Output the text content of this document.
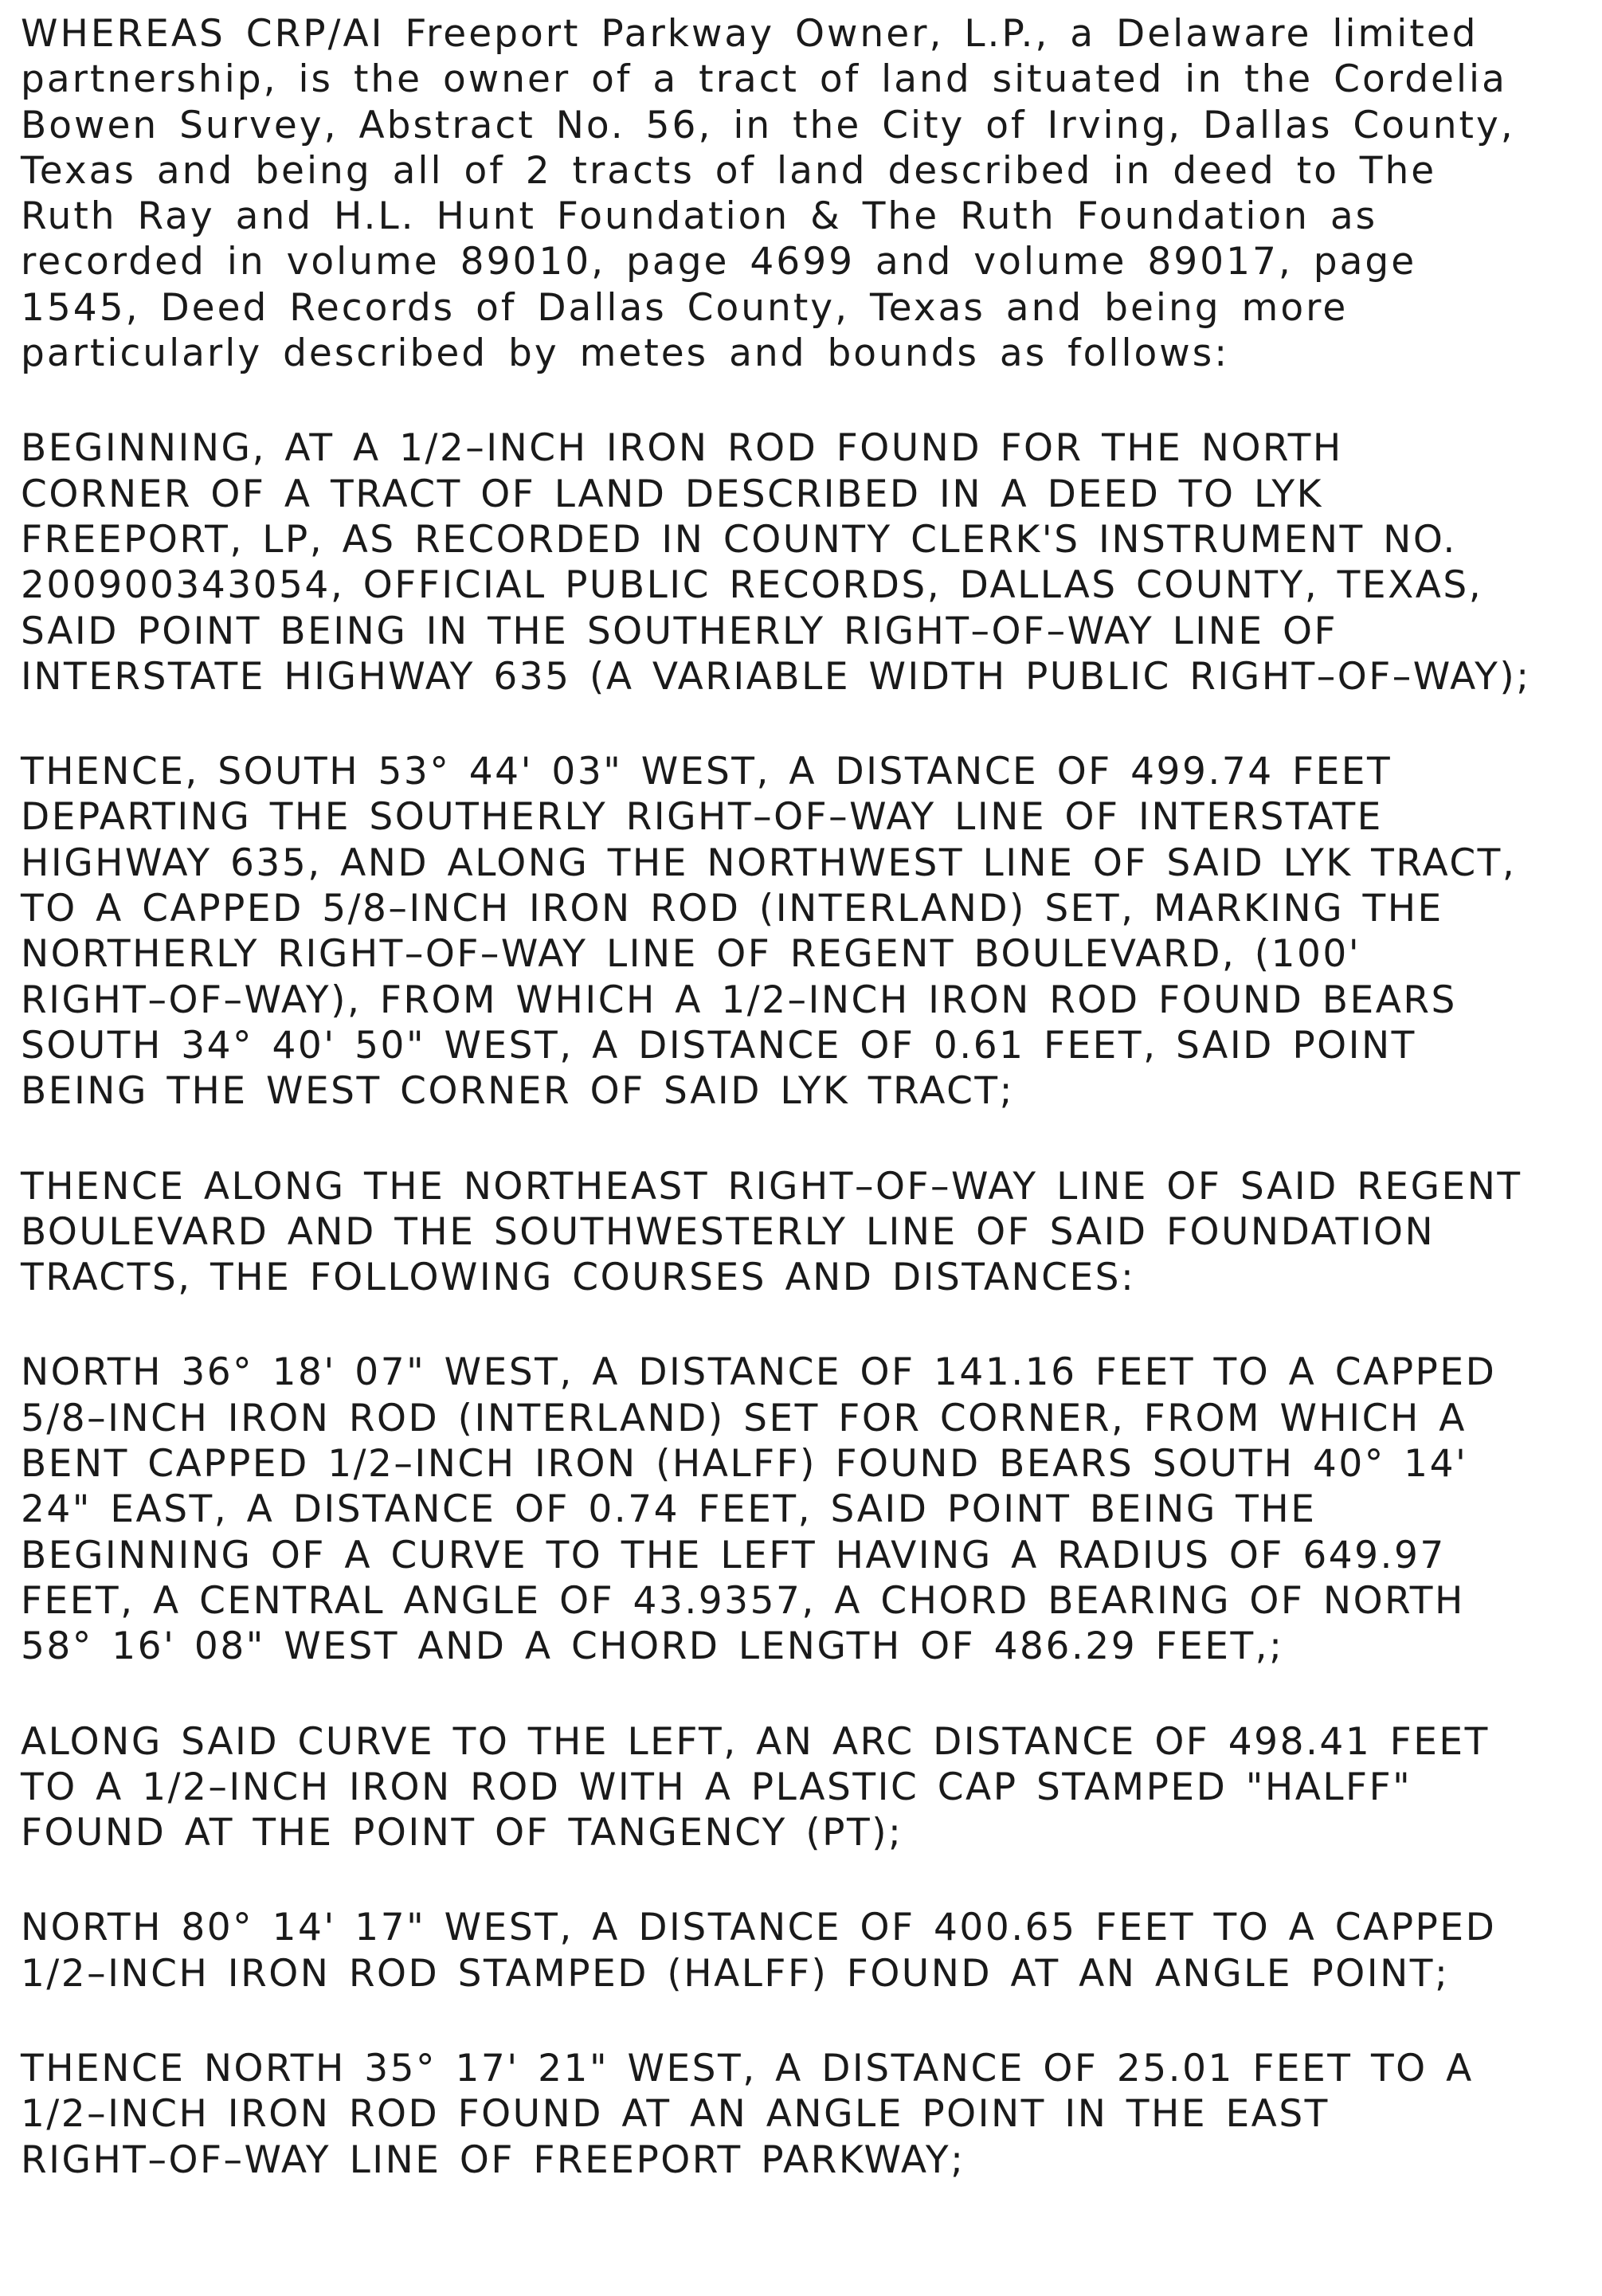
WHEREAS CRP/AI Freeport Parkway Owner, L.P., a Delaware limited
partnership, is the owner of a tract of land situated in the Cordelia
Bowen Survey, Abstract No. 56, in the City of Irving, Dallas County,
Texas and being all of 2 tracts of land described in deed to The
Ruth Ray and H.L. Hunt Foundation & The Ruth Foundation as
recorded in volume 89010, page 4699 and volume 89017, page
1545, Deed Records of Dallas County, Texas and being more
particularly described by metes and bounds as follows:
BEGINNING, AT A 1/2–INCH IRON ROD FOUND FOR THE NORTH
CORNER OF A TRACT OF LAND DESCRIBED IN A DEED TO LYK
FREEPORT, LP, AS RECORDED IN COUNTY CLERK'S INSTRUMENT NO.
200900343054, OFFICIAL PUBLIC RECORDS, DALLAS COUNTY, TEXAS,
SAID POINT BEING IN THE SOUTHERLY RIGHT–OF–WAY LINE OF
INTERSTATE HIGHWAY 635 (A VARIABLE WIDTH PUBLIC RIGHT–OF–WAY);
THENCE, SOUTH 53° 44' 03" WEST, A DISTANCE OF 499.74 FEET
DEPARTING THE SOUTHERLY RIGHT–OF–WAY LINE OF INTERSTATE
HIGHWAY 635, AND ALONG THE NORTHWEST LINE OF SAID LYK TRACT,
TO A CAPPED 5/8–INCH IRON ROD (INTERLAND) SET, MARKING THE
NORTHERLY RIGHT–OF–WAY LINE OF REGENT BOULEVARD, (100'
RIGHT–OF–WAY), FROM WHICH A 1/2–INCH IRON ROD FOUND BEARS
SOUTH 34° 40' 50" WEST, A DISTANCE OF 0.61 FEET, SAID POINT
BEING THE WEST CORNER OF SAID LYK TRACT;
THENCE ALONG THE NORTHEAST RIGHT–OF–WAY LINE OF SAID REGENT
BOULEVARD AND THE SOUTHWESTERLY LINE OF SAID FOUNDATION
TRACTS, THE FOLLOWING COURSES AND DISTANCES:
NORTH 36° 18' 07" WEST, A DISTANCE OF 141.16 FEET TO A CAPPED
5/8–INCH IRON ROD (INTERLAND) SET FOR CORNER, FROM WHICH A
BENT CAPPED 1/2–INCH IRON (HALFF) FOUND BEARS SOUTH 40° 14'
24" EAST, A DISTANCE OF 0.74 FEET, SAID POINT BEING THE
BEGINNING OF A CURVE TO THE LEFT HAVING A RADIUS OF 649.97
FEET, A CENTRAL ANGLE OF 43.9357, A CHORD BEARING OF NORTH
58° 16' 08" WEST AND A CHORD LENGTH OF 486.29 FEET,;
ALONG SAID CURVE TO THE LEFT, AN ARC DISTANCE OF 498.41 FEET
TO A 1/2–INCH IRON ROD WITH A PLASTIC CAP STAMPED "HALFF"
FOUND AT THE POINT OF TANGENCY (PT);
NORTH 80° 14' 17" WEST, A DISTANCE OF 400.65 FEET TO A CAPPED
1/2–INCH IRON ROD STAMPED (HALFF) FOUND AT AN ANGLE POINT;
THENCE NORTH 35° 17' 21" WEST, A DISTANCE OF 25.01 FEET TO A
1/2–INCH IRON ROD FOUND AT AN ANGLE POINT IN THE EAST
RIGHT–OF–WAY LINE OF FREEPORT PARKWAY;
